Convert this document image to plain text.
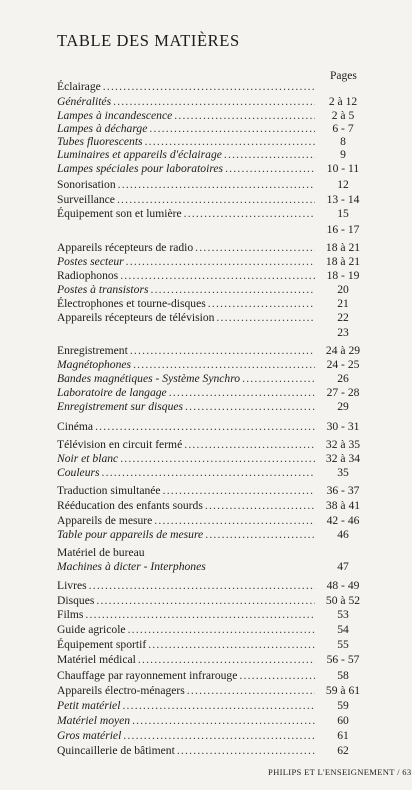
TABLE DES MATIÈRES
Pages
Éclairage
.....
Généralités .....	2 à 12
Lampes à incandescence .....	2 à 5
Lampes à décharge .....	6 - 7
Tubes fluorescents .....	8
Luminaires et appareils d'éclairage .....	9
Lampes spéciales pour laboratoires .....	10 - 11
Sonorisation .....	12
Surveillance .....	13 - 14
Équipement son et lumière .....	15
16 - 17
Appareils récepteurs de radio .....	18 à 21
Postes secteur .....	18 à 21
Radiophonos .....	18 - 19
Postes à transistors .....	20
Électrophones et tourne-disques .....	21
Appareils récepteurs de télévision .....	22
23
Enregistrement .....	24 à 29
Magnétophones .....	24 - 25
Bandes magnétiques - Système Synchro .....	26
Laboratoire de langage .....	27 - 28
Enregistrement sur disques .....	29
Cinéma .....	30 - 31
Télévision en circuit fermé .....	32 à 35
Noir et blanc .....	32 à 34
Couleurs .....	35
Traduction simultanée .....	36 - 37
Rééducation des enfants sourds .....	38 à 41
Appareils de mesure .....	42 - 46
Table pour appareils de mesure .....	46
Matériel de bureau
Machines à dicter - Interphones	47
Livres .....	48 - 49
Disques .....	50 à 52
Films .....	53
Guide agricole .....	54
Équipement sportif .....	55
Matériel médical .....	56 - 57
Chauffage par rayonnement infrarouge .....	58
Appareils électro-ménagers .....	59 à 61
Petit matériel .....	59
Matériel moyen .....	60
Gros matériel .....	61
Quincaillerie de bâtiment .....	62
PHILIPS ET L'ENSEIGNEMENT / 63
